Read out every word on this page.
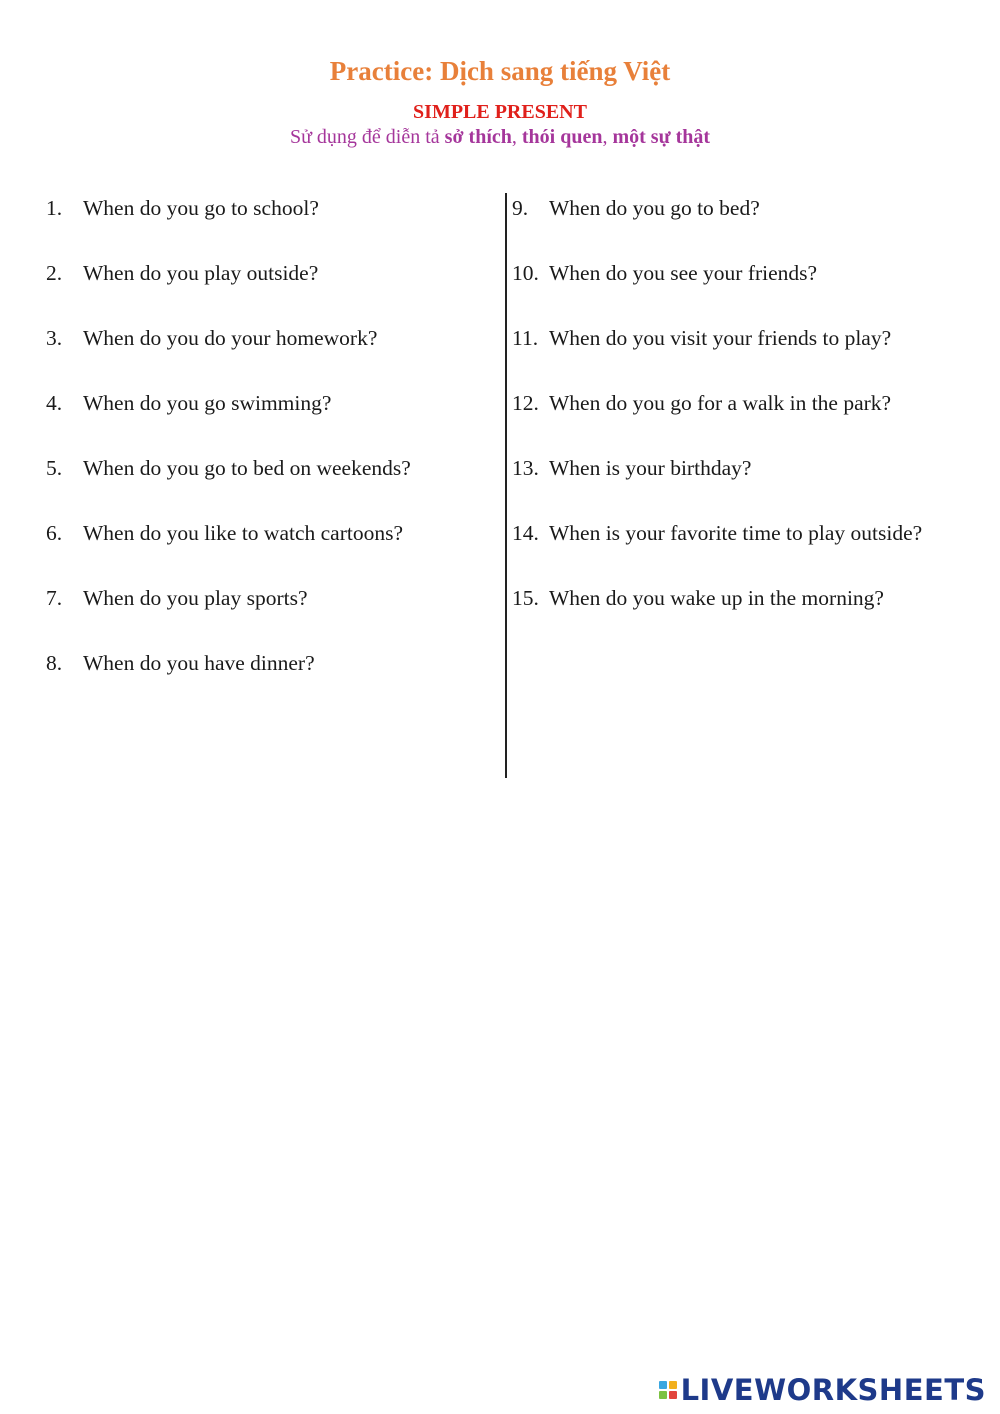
Practice: Dịch sang tiếng Việt
SIMPLE PRESENT
Sử dụng để diễn tả sở thích, thói quen, một sự thật
1. When do you go to school?
2. When do you play outside?
3. When do you do your homework?
4. When do you go swimming?
5. When do you go to bed on weekends?
6. When do you like to watch cartoons?
7. When do you play sports?
8. When do you have dinner?
9. When do you go to bed?
10. When do you see your friends?
11. When do you visit your friends to play?
12. When do you go for a walk in the park?
13. When is your birthday?
14. When is your favorite time to play outside?
15. When do you wake up in the morning?
LIVEWORKSHEETS
